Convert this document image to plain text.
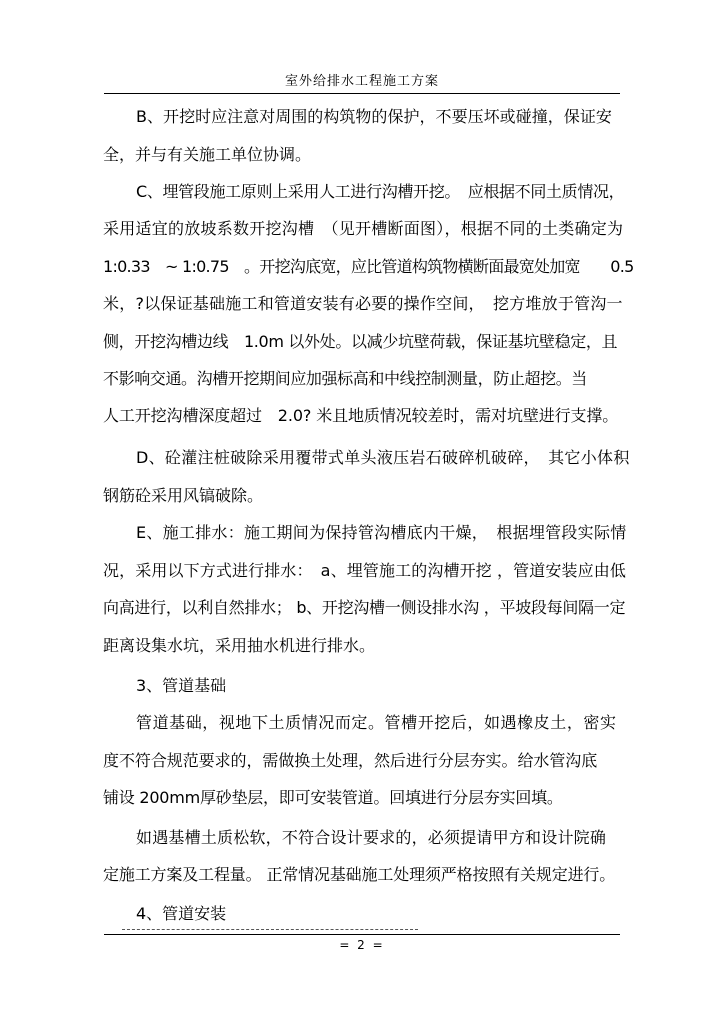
室外给排水工程施工方案
B、开挖时应注意对周围的构筑物的保护，不要压坏或碰撞，保证安
全，并与有关施工单位协调。
C、埋管段施工原则上采用人工进行沟槽开挖。　应根据不同土质情况，
采用适宜的放坡系数开挖沟槽　（见开槽断面图），根据不同的土类确定为
1:0.33　~ 1:0.75　。开挖沟底宽，应比管道构筑物横断面最宽处加宽　　0.5
米，?以保证基础施工和管道安装有必要的操作空间，　挖方堆放于管沟一
侧，开挖沟槽边线　1.0m 以外处。以减少坑壁荷载，保证基坑壁稳定，且
不影响交通。沟槽开挖期间应加强标高和中线控制测量，防止超挖。当
人工开挖沟槽深度超过　2.0? 米且地质情况较差时，需对坑壁进行支撑。
D、砼灌注桩破除采用覆带式单头液压岩石破碎机破碎，　其它小体积
钢筋砼采用风镐破除。
E、施工排水：施工期间为保持管沟槽底内干燥，　根据埋管段实际情
况，采用以下方式进行排水：　a、埋管施工的沟槽开挖 ，管道安装应由低
向高进行，以利自然排水； b、开挖沟槽一侧设排水沟 ，平坡段每间隔一定
距离设集水坑，采用抽水机进行排水。
3、管道基础
管道基础，视地下土质情况而定。管槽开挖后，如遇橡皮土，密实
度不符合规范要求的，需做换土处理，然后进行分层夯实。给水管沟底
铺设 200mm厚砂垫层，即可安装管道。回填进行分层夯实回填。
如遇基槽土质松软，不符合设计要求的，必须提请甲方和设计院确
定施工方案及工程量。 正常情况基础施工处理须严格按照有关规定进行。
4、管道安装
= 2 =
